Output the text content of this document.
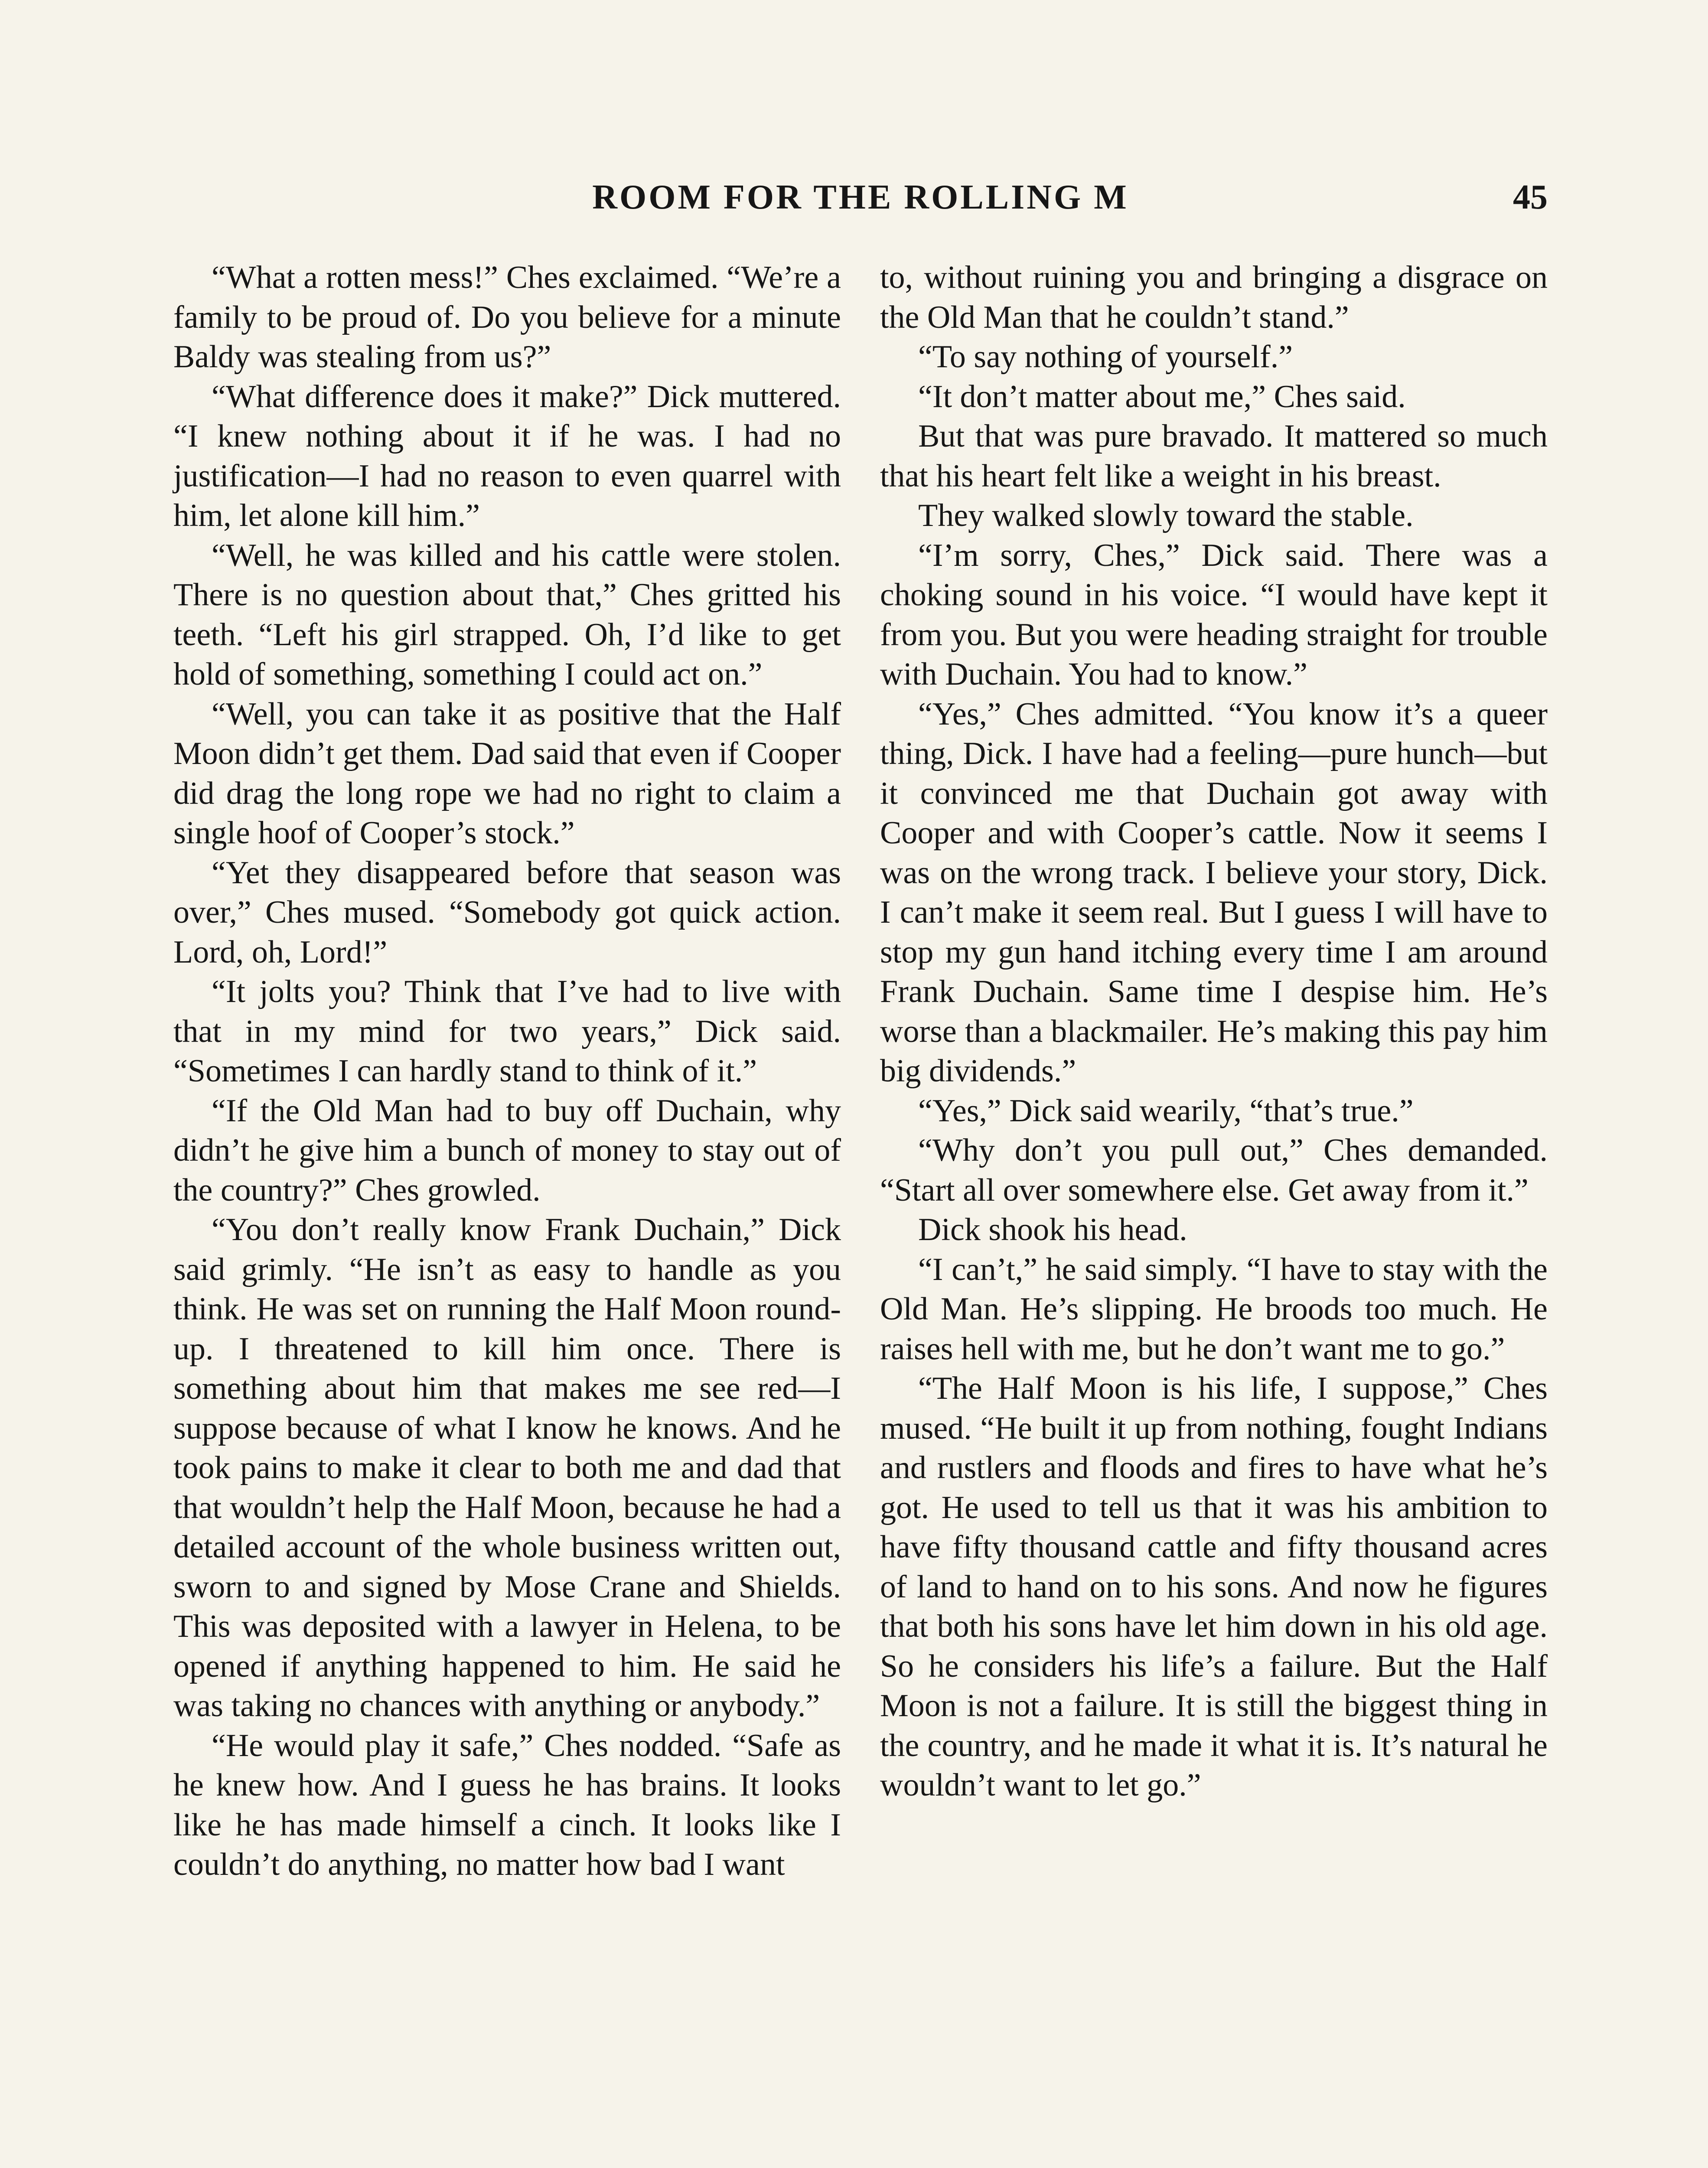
ROOM FOR THE ROLLING M	45

“What a rotten mess!” Ches exclaimed. “We’re a family to be proud of. Do you believe for a minute Baldy was stealing from us?”

“What difference does it make?” Dick muttered. “I knew nothing about it if he was. I had no justification—I had no reason to even quarrel with him, let alone kill him.”

“Well, he was killed and his cattle were stolen. There is no question about that,” Ches gritted his teeth. “Left his girl strapped. Oh, I’d like to get hold of something, something I could act on.”

“Well, you can take it as positive that the Half Moon didn’t get them. Dad said that even if Cooper did drag the long rope we had no right to claim a single hoof of Cooper’s stock.”

“Yet they disappeared before that season was over,” Ches mused. “Somebody got quick action. Lord, oh, Lord!”

“It jolts you? Think that I’ve had to live with that in my mind for two years,” Dick said. “Sometimes I can hardly stand to think of it.”

“If the Old Man had to buy off Duchain, why didn’t he give him a bunch of money to stay out of the country?” Ches growled.

“You don’t really know Frank Duchain,” Dick said grimly. “He isn’t as easy to handle as you think. He was set on running the Half Moon round-up. I threatened to kill him once. There is something about him that makes me see red—I suppose because of what I know he knows. And he took pains to make it clear to both me and dad that that wouldn’t help the Half Moon, because he had a detailed account of the whole business written out, sworn to and signed by Mose Crane and Shields. This was deposited with a lawyer in Helena, to be opened if anything happened to him. He said he was taking no chances with anything or anybody.”

“He would play it safe,” Ches nodded. “Safe as he knew how. And I guess he has brains. It looks like he has made himself a cinch. It looks like I couldn’t do anything, no matter how bad I want

to, without ruining you and bringing a disgrace on the Old Man that he couldn’t stand.”

“To say nothing of yourself.”

“It don’t matter about me,” Ches said.

But that was pure bravado. It mattered so much that his heart felt like a weight in his breast.

They walked slowly toward the stable.

“I’m sorry, Ches,” Dick said. There was a choking sound in his voice. “I would have kept it from you. But you were heading straight for trouble with Duchain. You had to know.”

“Yes,” Ches admitted. “You know it’s a queer thing, Dick. I have had a feeling—pure hunch—but it convinced me that Duchain got away with Cooper and with Cooper’s cattle. Now it seems I was on the wrong track. I believe your story, Dick. I can’t make it seem real. But I guess I will have to stop my gun hand itching every time I am around Frank Duchain. Same time I despise him. He’s worse than a blackmailer. He’s making this pay him big dividends.”

“Yes,” Dick said wearily, “that’s true.”

“Why don’t you pull out,” Ches demanded. “Start all over somewhere else. Get away from it.”

Dick shook his head.

“I can’t,” he said simply. “I have to stay with the Old Man. He’s slipping. He broods too much. He raises hell with me, but he don’t want me to go.”

“The Half Moon is his life, I suppose,” Ches mused. “He built it up from nothing, fought Indians and rustlers and floods and fires to have what he’s got. He used to tell us that it was his ambition to have fifty thousand cattle and fifty thousand acres of land to hand on to his sons. And now he figures that both his sons have let him down in his old age. So he considers his life’s a failure. But the Half Moon is not a failure. It is still the biggest thing in the country, and he made it what it is. It’s natural he wouldn’t want to let go.”
